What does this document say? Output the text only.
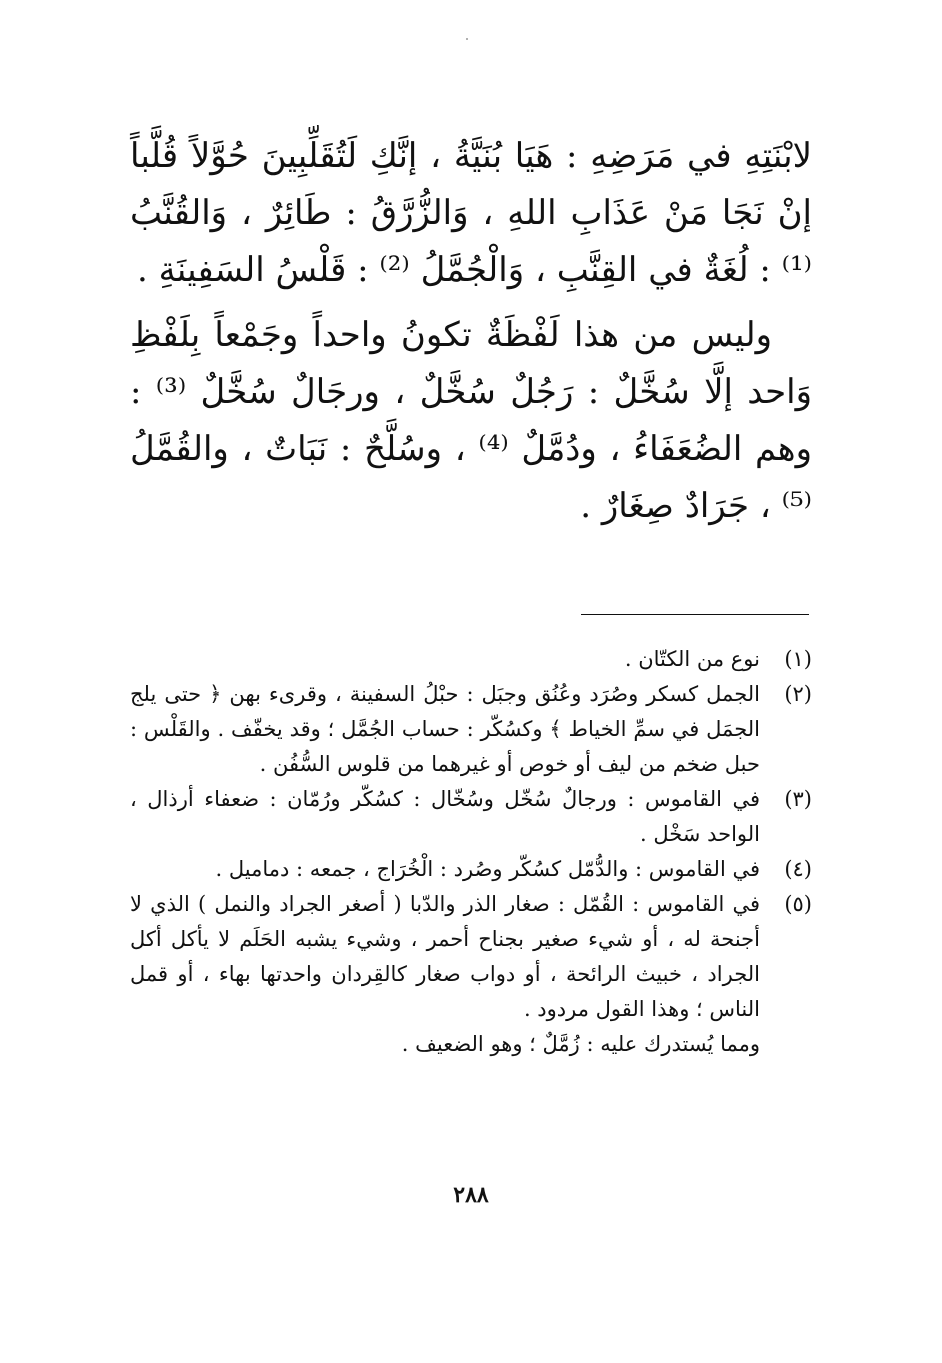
لابْنَتِهِ في مَرَضِهِ : هَيَا بُنَيَّةُ ، إنَّكِ لَتُقَلِّبِينَ حُوَّلاً قُلَّباً إنْ نَجَا مَنْ عَذَابِ اللهِ ، وَالزُّرَّقُ : طَائِرٌ ، وَالقُنَّبُ ⁽¹⁾ : لُغَةٌ في القِنَّبِ ، وَالْجُمَّلُ ⁽²⁾ : قَلْسُ السَفِينَةِ .

وليس من هذا لَفْظَةٌ تكونُ واحداً وجَمْعاً بِلَفْظِ وَاحد إلَّا سُخَّلٌ : رَجُلٌ سُخَّلٌ ، ورجَالٌ سُخَّلٌ ⁽³⁾ : وهم الضُعَفَاءُ ، ودُمَّلٌ ⁽⁴⁾ ، وسُلَّحٌ : نَبَاتٌ ، والقُمَّلُ ⁽⁵⁾ ، جَرَادٌ صِغَارٌ .

(١)

نوع من الكتّان .

(٢)

الجمل كسكر وصُرَد وعُنُق وجبَل : حبْلُ السفينة ، وقرىء بهن ﴿ حتى يلج الجمَل في سمِّ الخياط ﴾ وكسُكّر : حساب الجُمَّل ؛ وقد يخفّف . والقَلْس : حبل ضخم من ليف أو خوص أو غيرهما من قلوس السُّفُن .

(٣)

في القاموس : ورجالٌ سُخّل وسُخّال : كسُكّر ورُمّان : ضعفاء أرذال ، الواحد سَخْل .

(٤)

في القاموس : والدُّمّل كسُكّر وصُرد : الْخُرَاج ، جمعه : دماميل .

(٥)

في القاموس : القُمّل : صغار الذر والدّبا ( أصغر الجراد والنمل ) الذي لا أجنحة له ، أو شيء صغير بجناح أحمر ، وشيء يشبه الحَلَم لا يأكل أكل الجراد ، خبيث الرائحة ، أو دواب صغار كالقِردان واحدتها بهاء ، أو قمل الناس ؛ وهذا القول مردود .

ومما يُستدرك عليه : زُمَّلٌ ؛ وهو الضعيف .

٢٨٨
